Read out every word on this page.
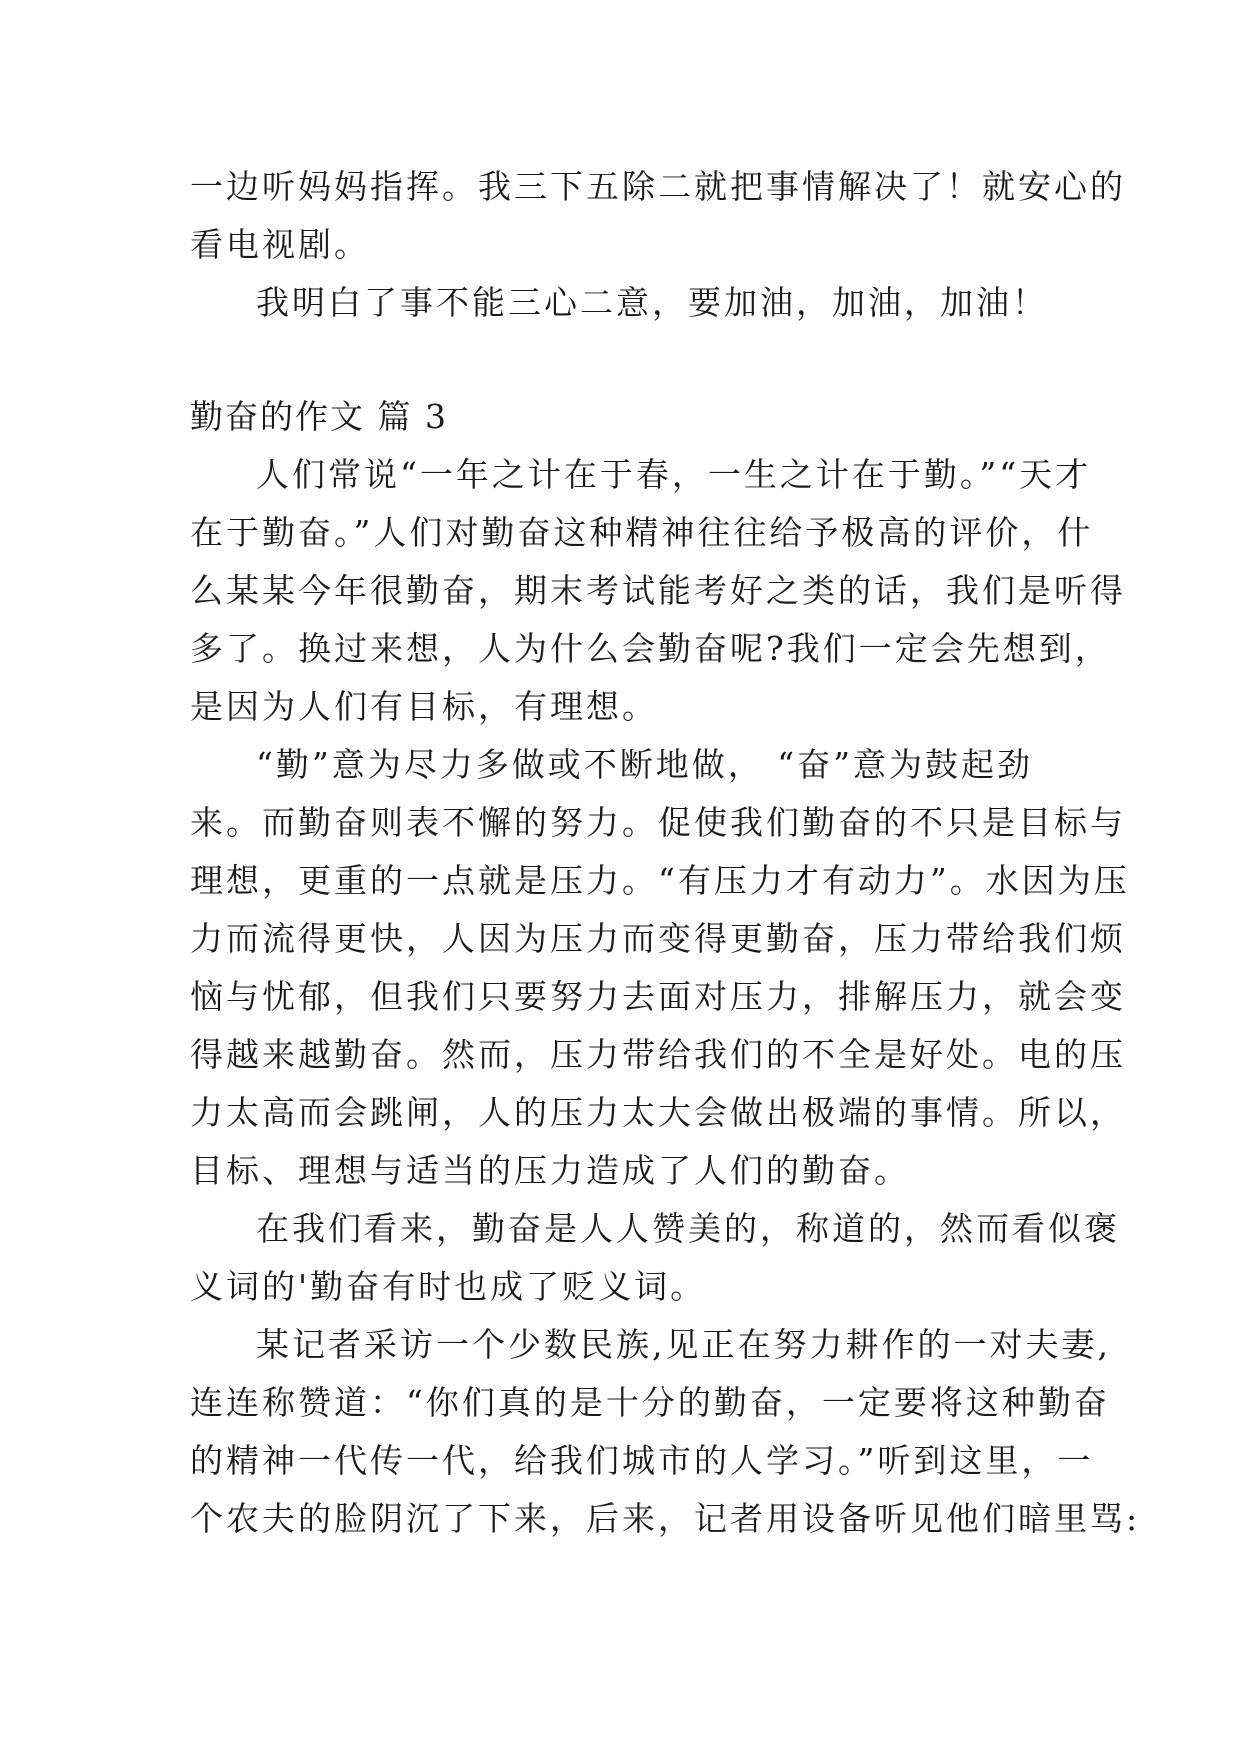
一边听妈妈指挥。我三下五除二就把事情解决了！就安心的
看电视剧。
我明白了事不能三心二意，要加油，加油，加油！
勤奋的作文 篇 3
人们常说“一年之计在于春，一生之计在于勤。”“天才
在于勤奋。”人们对勤奋这种精神往往给予极高的评价，什
么某某今年很勤奋，期末考试能考好之类的话，我们是听得
多了。换过来想，人为什么会勤奋呢?我们一定会先想到，
是因为人们有目标，有理想。
“勤”意为尽力多做或不断地做， “奋”意为鼓起劲
来。而勤奋则表不懈的努力。促使我们勤奋的不只是目标与
理想，更重的一点就是压力。“有压力才有动力”。水因为压
力而流得更快，人因为压力而变得更勤奋，压力带给我们烦
恼与忧郁，但我们只要努力去面对压力，排解压力，就会变
得越来越勤奋。然而，压力带给我们的不全是好处。电的压
力太高而会跳闸，人的压力太大会做出极端的事情。所以，
目标、理想与适当的压力造成了人们的勤奋。
在我们看来，勤奋是人人赞美的，称道的，然而看似褒
义词的'勤奋有时也成了贬义词。
某记者采访一个少数民族,见正在努力耕作的一对夫妻,
连连称赞道：“你们真的是十分的勤奋，一定要将这种勤奋
的精神一代传一代，给我们城市的人学习。”听到这里，一
个农夫的脸阴沉了下来，后来，记者用设备听见他们暗里骂:
